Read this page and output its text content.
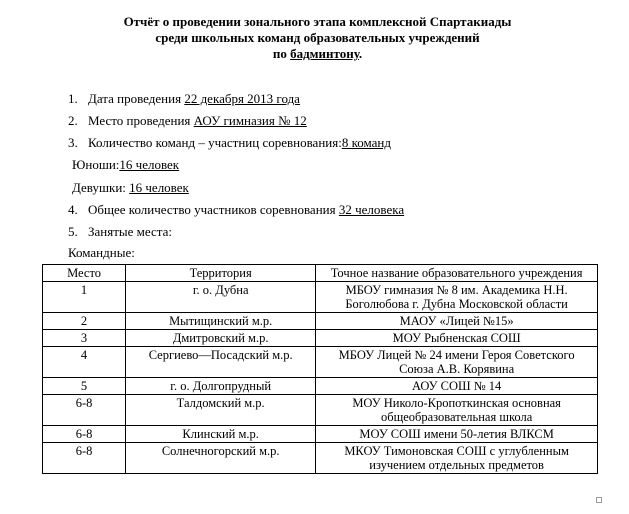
Отчёт о проведении зонального этапа комплексной Спартакиады
среди школьных команд образовательных учреждений
по бадминтону.
1. Дата проведения 22 декабря 2013 года
2. Место проведения АОУ гимназия № 12
3. Количество команд – участниц соревнования:8 команд
Юноши:16 человек
Девушки: 16 человек
4. Общее количество участников соревнования 32 человека
5. Занятые места:
Командные:
Место	Территория	Точное название образовательного учреждения
1	г. о. Дубна	МБОУ гимназия № 8 им. Академика Н.Н.
Боголюбова г. Дубна Московской области

2	Мытищинский м.р.	МАОУ «Лицей №15»

3	Дмитровский м.р.	МОУ Рыбненская СОШ

4	Сергиево—Посадский м.р.	МБОУ Лицей № 24 имени Героя Советского
Союза А.В. Корявина

5	г. о. Долгопрудный	АОУ СОШ № 14

6-8	Талдомский м.р.	МОУ Николо-Кропоткинская основная
общеобразовательная школа

6-8	Клинский м.р.	МОУ СОШ имени 50-летия ВЛКСМ

6-8	Солнечногорский м.р.	МКОУ Тимоновская СОШ с углубленным
изучением отдельных предметов
